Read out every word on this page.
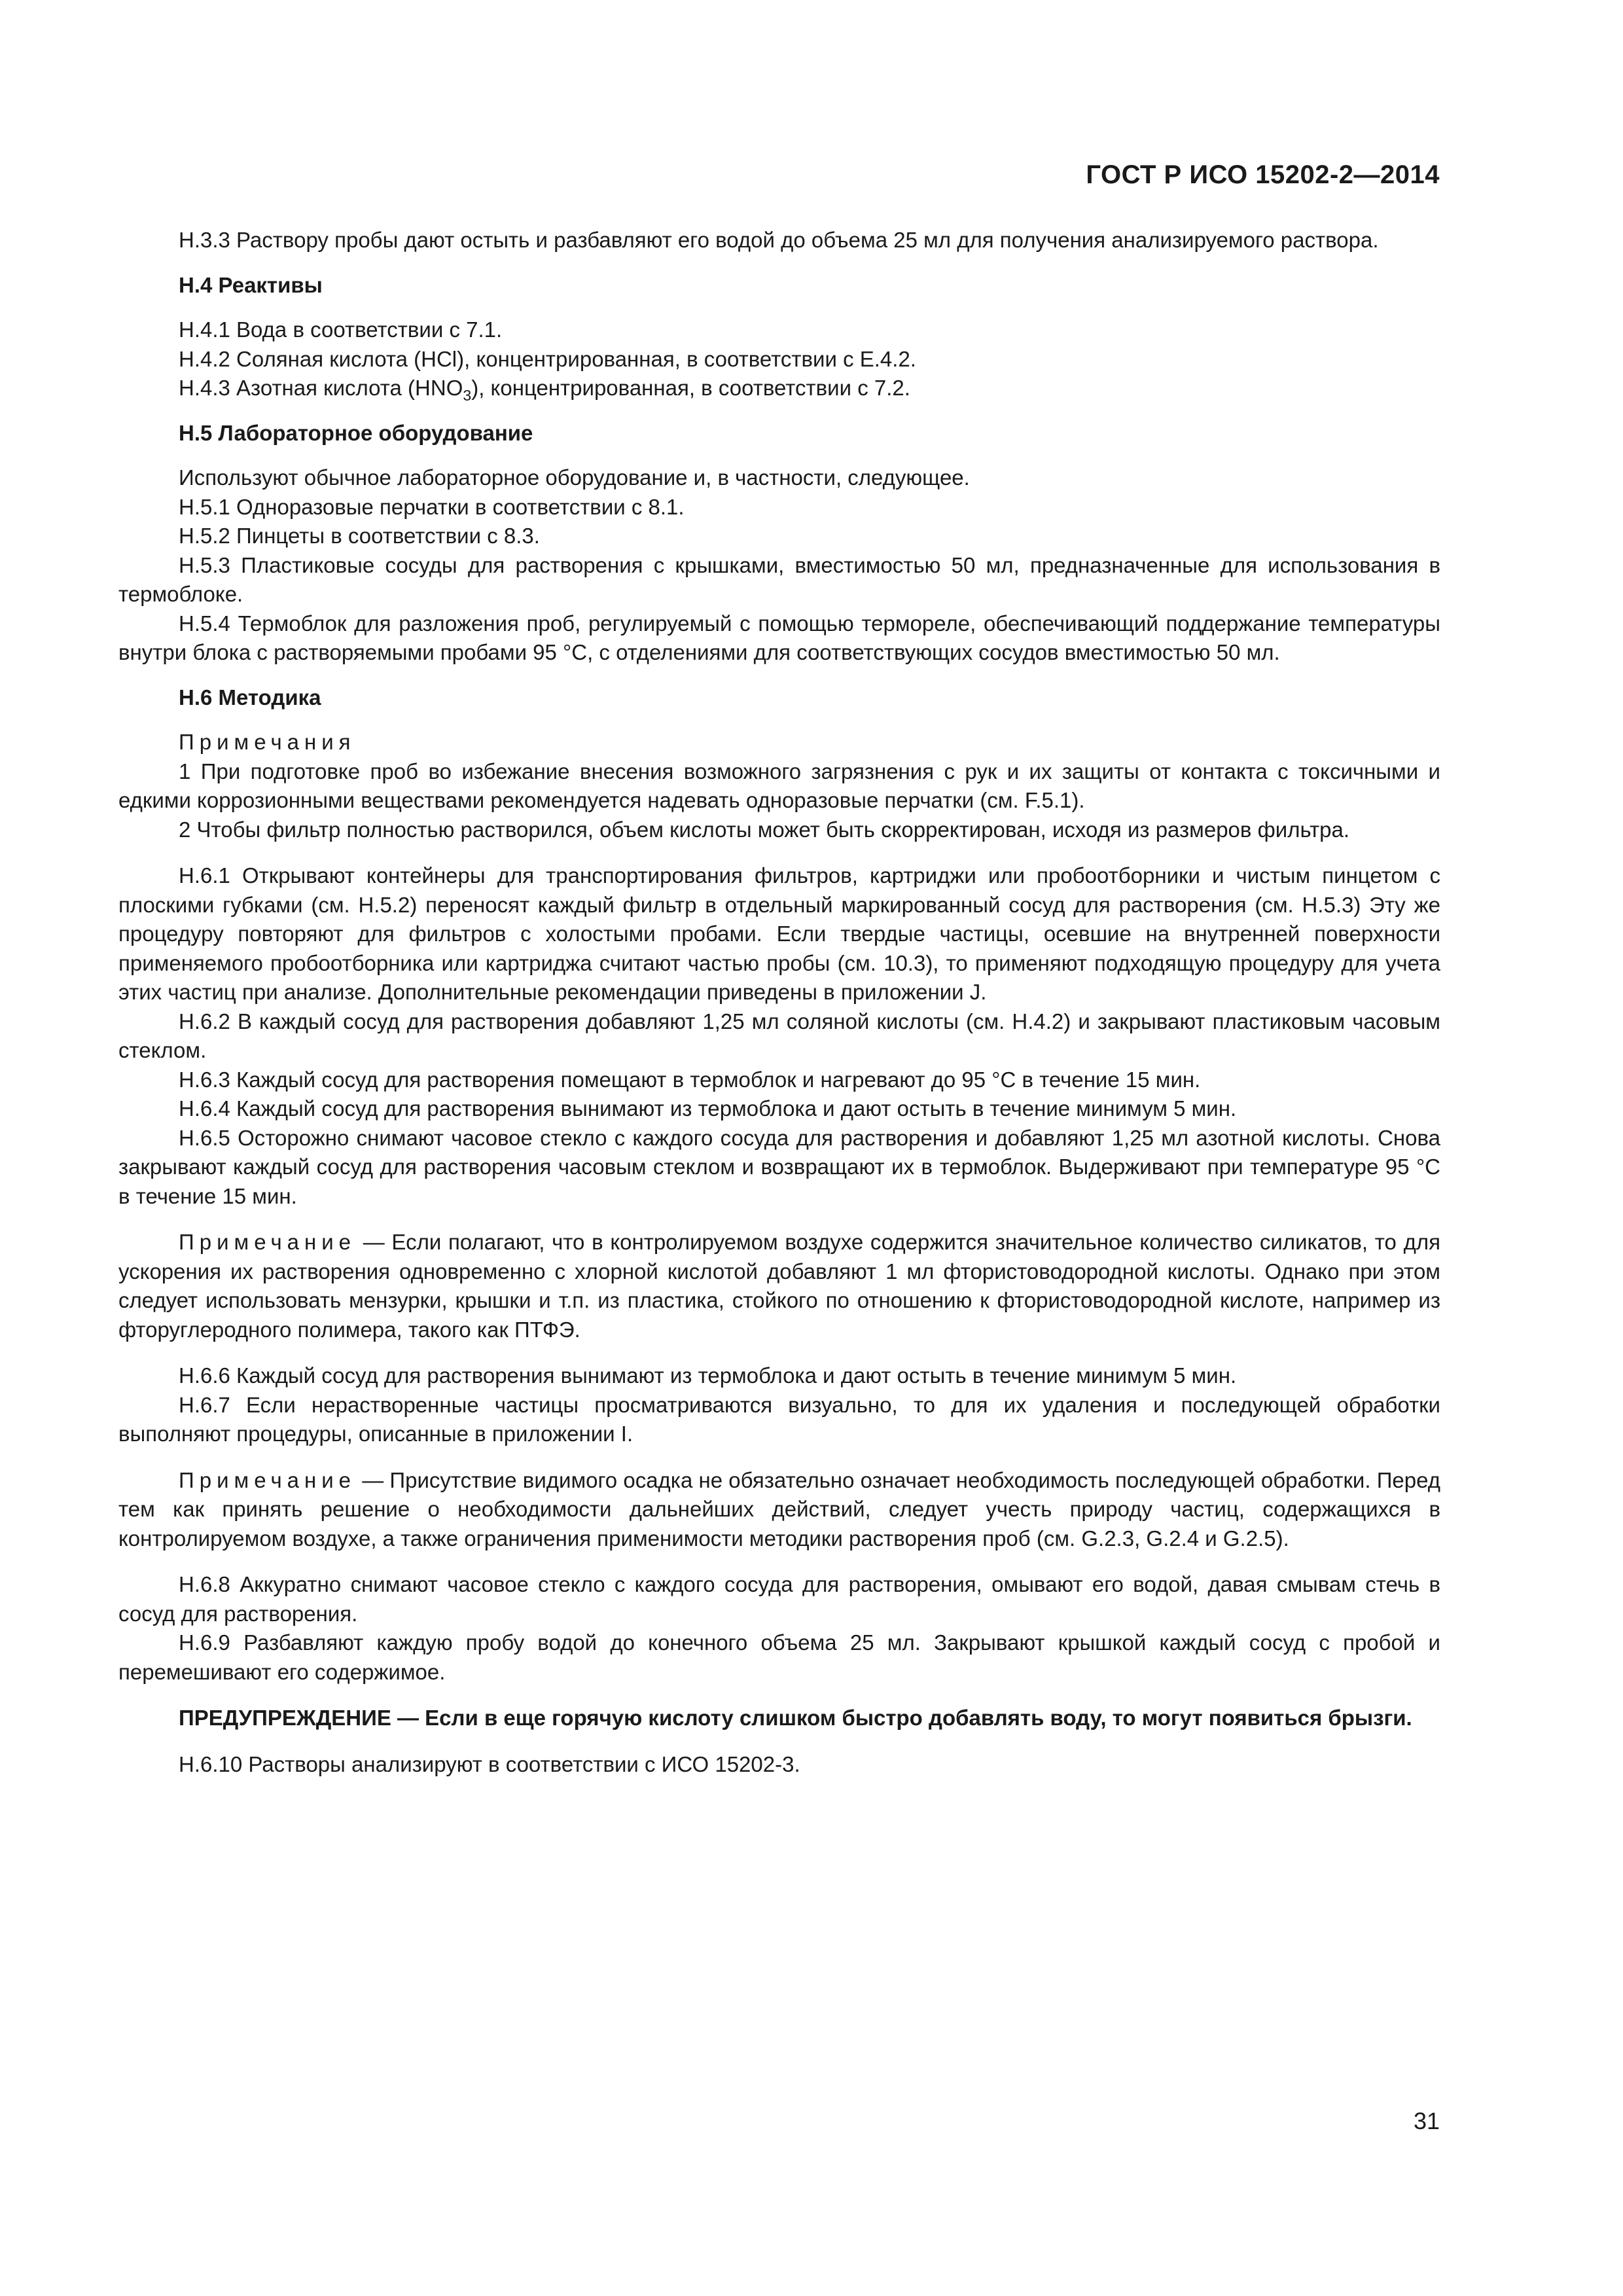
ГОСТ Р ИСО 15202-2—2014

Н.3.3 Раствору пробы дают остыть и разбавляют его водой до объема 25 мл для получения анализируемого раствора.

Н.4 Реактивы

Н.4.1 Вода в соответствии с 7.1.

Н.4.2 Соляная кислота (HCl), концентрированная, в соответствии с Е.4.2.

Н.4.3 Азотная кислота $(HNO_3)$, концентрированная, в соответствии с 7.2.

Н.5 Лабораторное оборудование

Используют обычное лабораторное оборудование и, в частности, следующее.

Н.5.1 Одноразовые перчатки в соответствии с 8.1.

Н.5.2 Пинцеты в соответствии с 8.3.

Н.5.3 Пластиковые сосуды для растворения с крышками, вместимостью 50 мл, предназначенные для использования в термоблоке.

Н.5.4 Термоблок для разложения проб, регулируемый с помощью термореле, обеспечивающий поддержание температуры внутри блока с растворяемыми пробами 95 °С, с отделениями для соответствующих сосудов вместимостью 50 мл.

Н.6 Методика

Примечания

1 При подготовке проб во избежание внесения возможного загрязнения с рук и их защиты от контакта с токсичными и едкими коррозионными веществами рекомендуется надевать одноразовые перчатки (см. F.5.1).

2 Чтобы фильтр полностью растворился, объем кислоты может быть скорректирован, исходя из размеров фильтра.

Н.6.1 Открывают контейнеры для транспортирования фильтров, картриджи или пробоотборники и чистым пинцетом с плоскими губками (см. Н.5.2) переносят каждый фильтр в отдельный маркированный сосуд для растворения (см. Н.5.3) Эту же процедуру повторяют для фильтров с холостыми пробами. Если твердые частицы, осевшие на внутренней поверхности применяемого пробоотборника или картриджа считают частью пробы (см. 10.3), то применяют подходящую процедуру для учета этих частиц при анализе. Дополнительные рекомендации приведены в приложении J.

Н.6.2 В каждый сосуд для растворения добавляют 1,25 мл соляной кислоты (см. Н.4.2) и закрывают пластиковым часовым стеклом.

Н.6.3 Каждый сосуд для растворения помещают в термоблок и нагревают до 95 °С в течение 15 мин.

Н.6.4 Каждый сосуд для растворения вынимают из термоблока и дают остыть в течение минимум 5 мин.

Н.6.5 Осторожно снимают часовое стекло с каждого сосуда для растворения и добавляют 1,25 мл азотной кислоты. Снова закрывают каждый сосуд для растворения часовым стеклом и возвращают их в термоблок. Выдерживают при температуре 95 °С в течение 15 мин.

Примечание — Если полагают, что в контролируемом воздухе содержится значительное количество силикатов, то для ускорения их растворения одновременно с хлорной кислотой добавляют 1 мл фтористоводородной кислоты. Однако при этом следует использовать мензурки, крышки и т.п. из пластика, стойкого по отношению к фтористоводородной кислоте, например из фторуглеродного полимера, такого как ПТФЭ.

Н.6.6 Каждый сосуд для растворения вынимают из термоблока и дают остыть в течение минимум 5 мин.

Н.6.7 Если нерастворенные частицы просматриваются визуально, то для их удаления и последующей обработки выполняют процедуры, описанные в приложении I.

Примечание — Присутствие видимого осадка не обязательно означает необходимость последующей обработки. Перед тем как принять решение о необходимости дальнейших действий, следует учесть природу частиц, содержащихся в контролируемом воздухе, а также ограничения применимости методики растворения проб (см. G.2.3, G.2.4 и G.2.5).

Н.6.8 Аккуратно снимают часовое стекло с каждого сосуда для растворения, омывают его водой, давая смывам стечь в сосуд для растворения.

Н.6.9 Разбавляют каждую пробу водой до конечного объема 25 мл. Закрывают крышкой каждый сосуд с пробой и перемешивают его содержимое.

ПРЕДУПРЕЖДЕНИЕ — Если в еще горячую кислоту слишком быстро добавлять воду, то могут появиться брызги.

Н.6.10 Растворы анализируют в соответствии с ИСО 15202-3.

31
